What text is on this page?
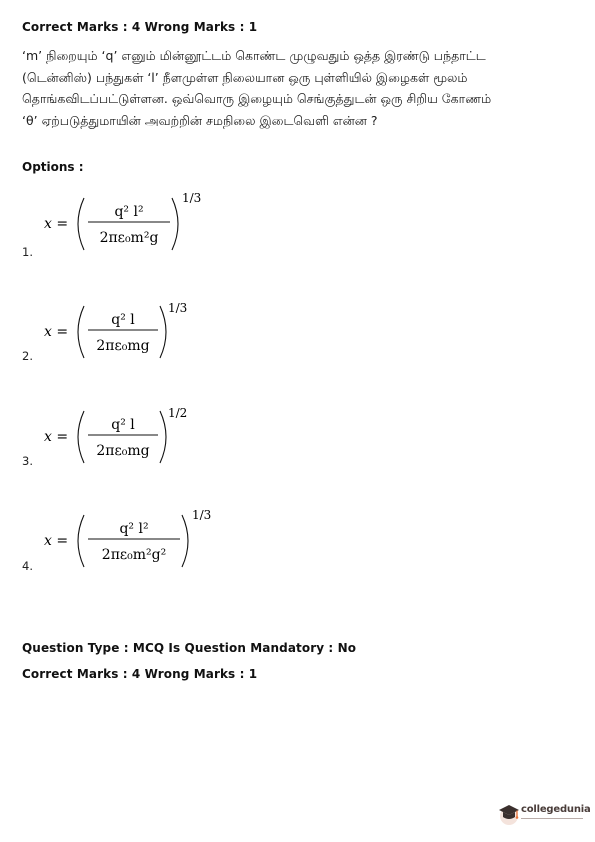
Correct Marks : 4 Wrong Marks : 1

‘m’ நிறையும் ‘q’ எனும் மின்னூட்டம் கொண்ட முழுவதும் ஒத்த இரண்டு பந்தாட்ட

(டென்னிஸ்) பந்துகள் ‘l’ நீளமுள்ள நிலையான ஒரு புள்ளியில் இழைகள் மூலம்

தொங்கவிடப்பட்டுள்ளன. ஒவ்வொரு இழையும் செங்குத்துடன் ஒரு சிறிய கோணம்

‘θ’ ஏற்படுத்துமாயின் அவற்றின் சமநிலை இடைவெளி என்ன ?

Options :
x =
q² l²
2πε₀m²g
1/3
1.
x =
q² l
2πε₀mg
1/3
2.
x =
q² l
2πε₀mg
1/2
3.
x =
q² l²
2πε₀m²g²
1/3
4.
Question Type : MCQ Is Question Mandatory : No
Correct Marks : 4 Wrong Marks : 1
collegedunia
